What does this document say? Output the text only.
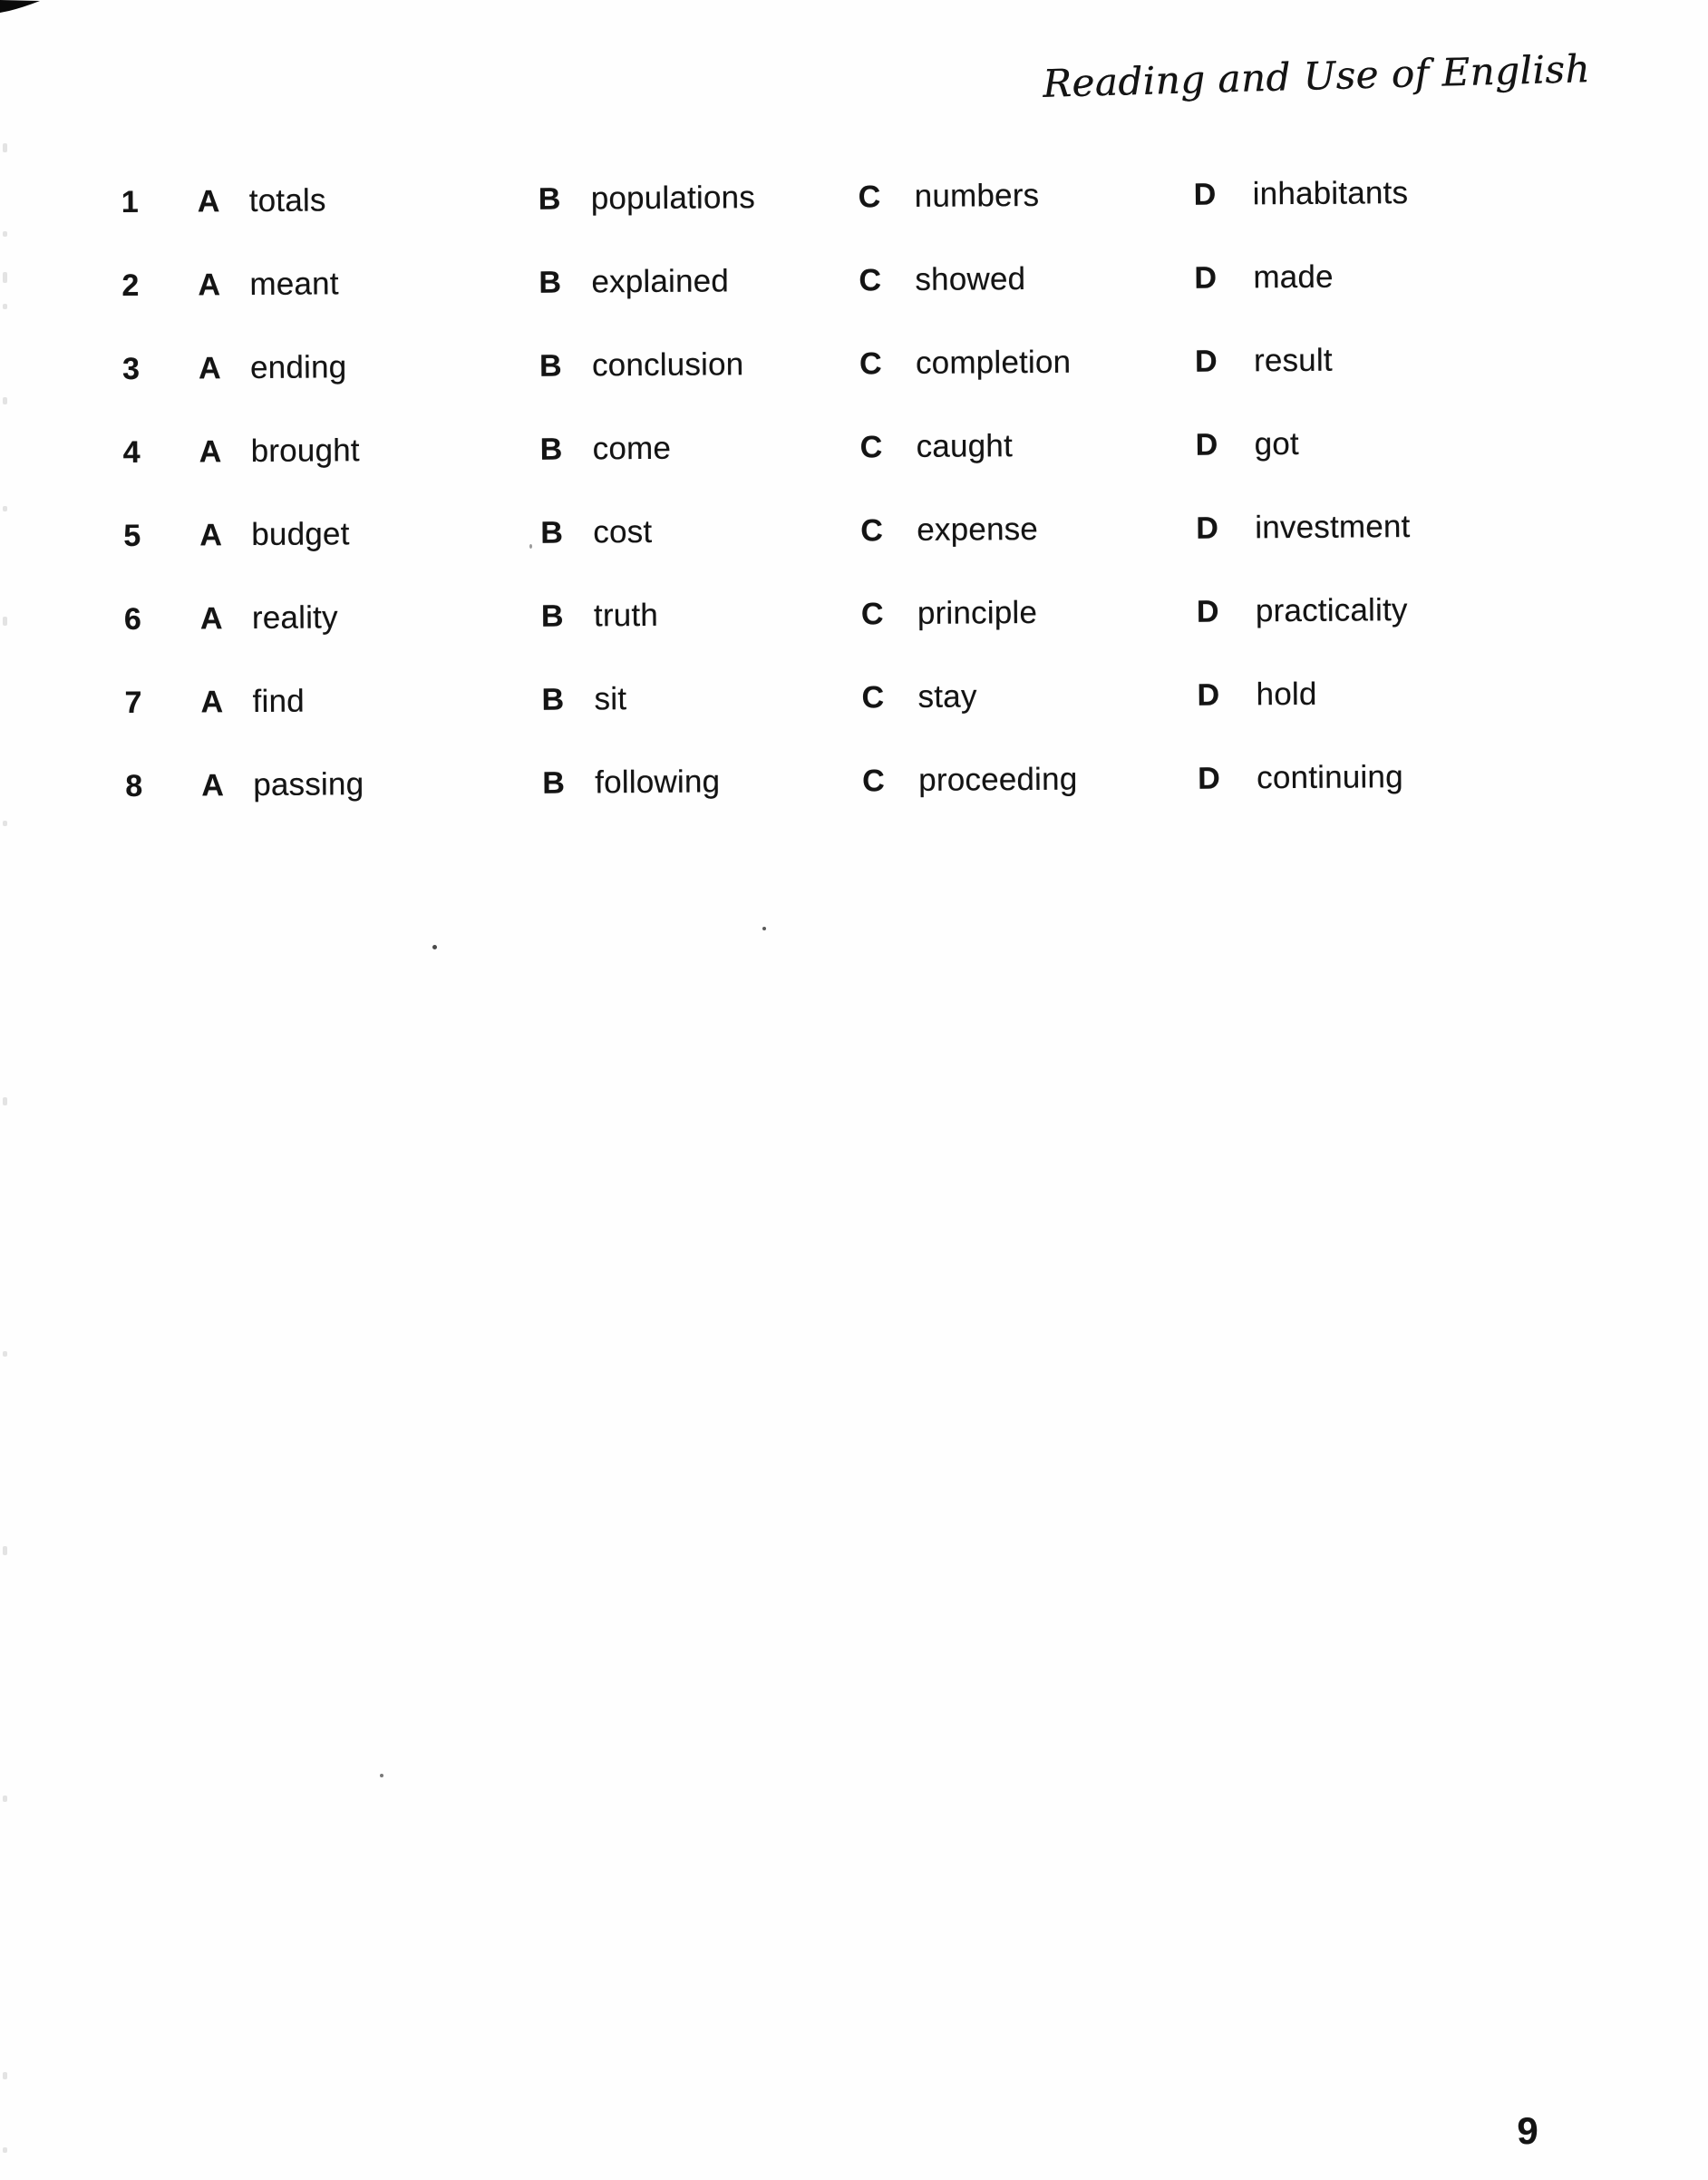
Reading and Use of English
1	A totals	B populations	C	numbers	D	inhabitants
2	A meant	B explained	C	showed	D	made
3	A ending	B conclusion	C	completion	D	result
4	A brought	B come	C	caught	D	got
5	A budget	B cost	C	expense	D	investment
6	A reality	B truth	C	principle	D	practicality
7	A find	B sit	C	stay	D	hold
8	A passing	B following	C	proceeding	D	continuing
9
